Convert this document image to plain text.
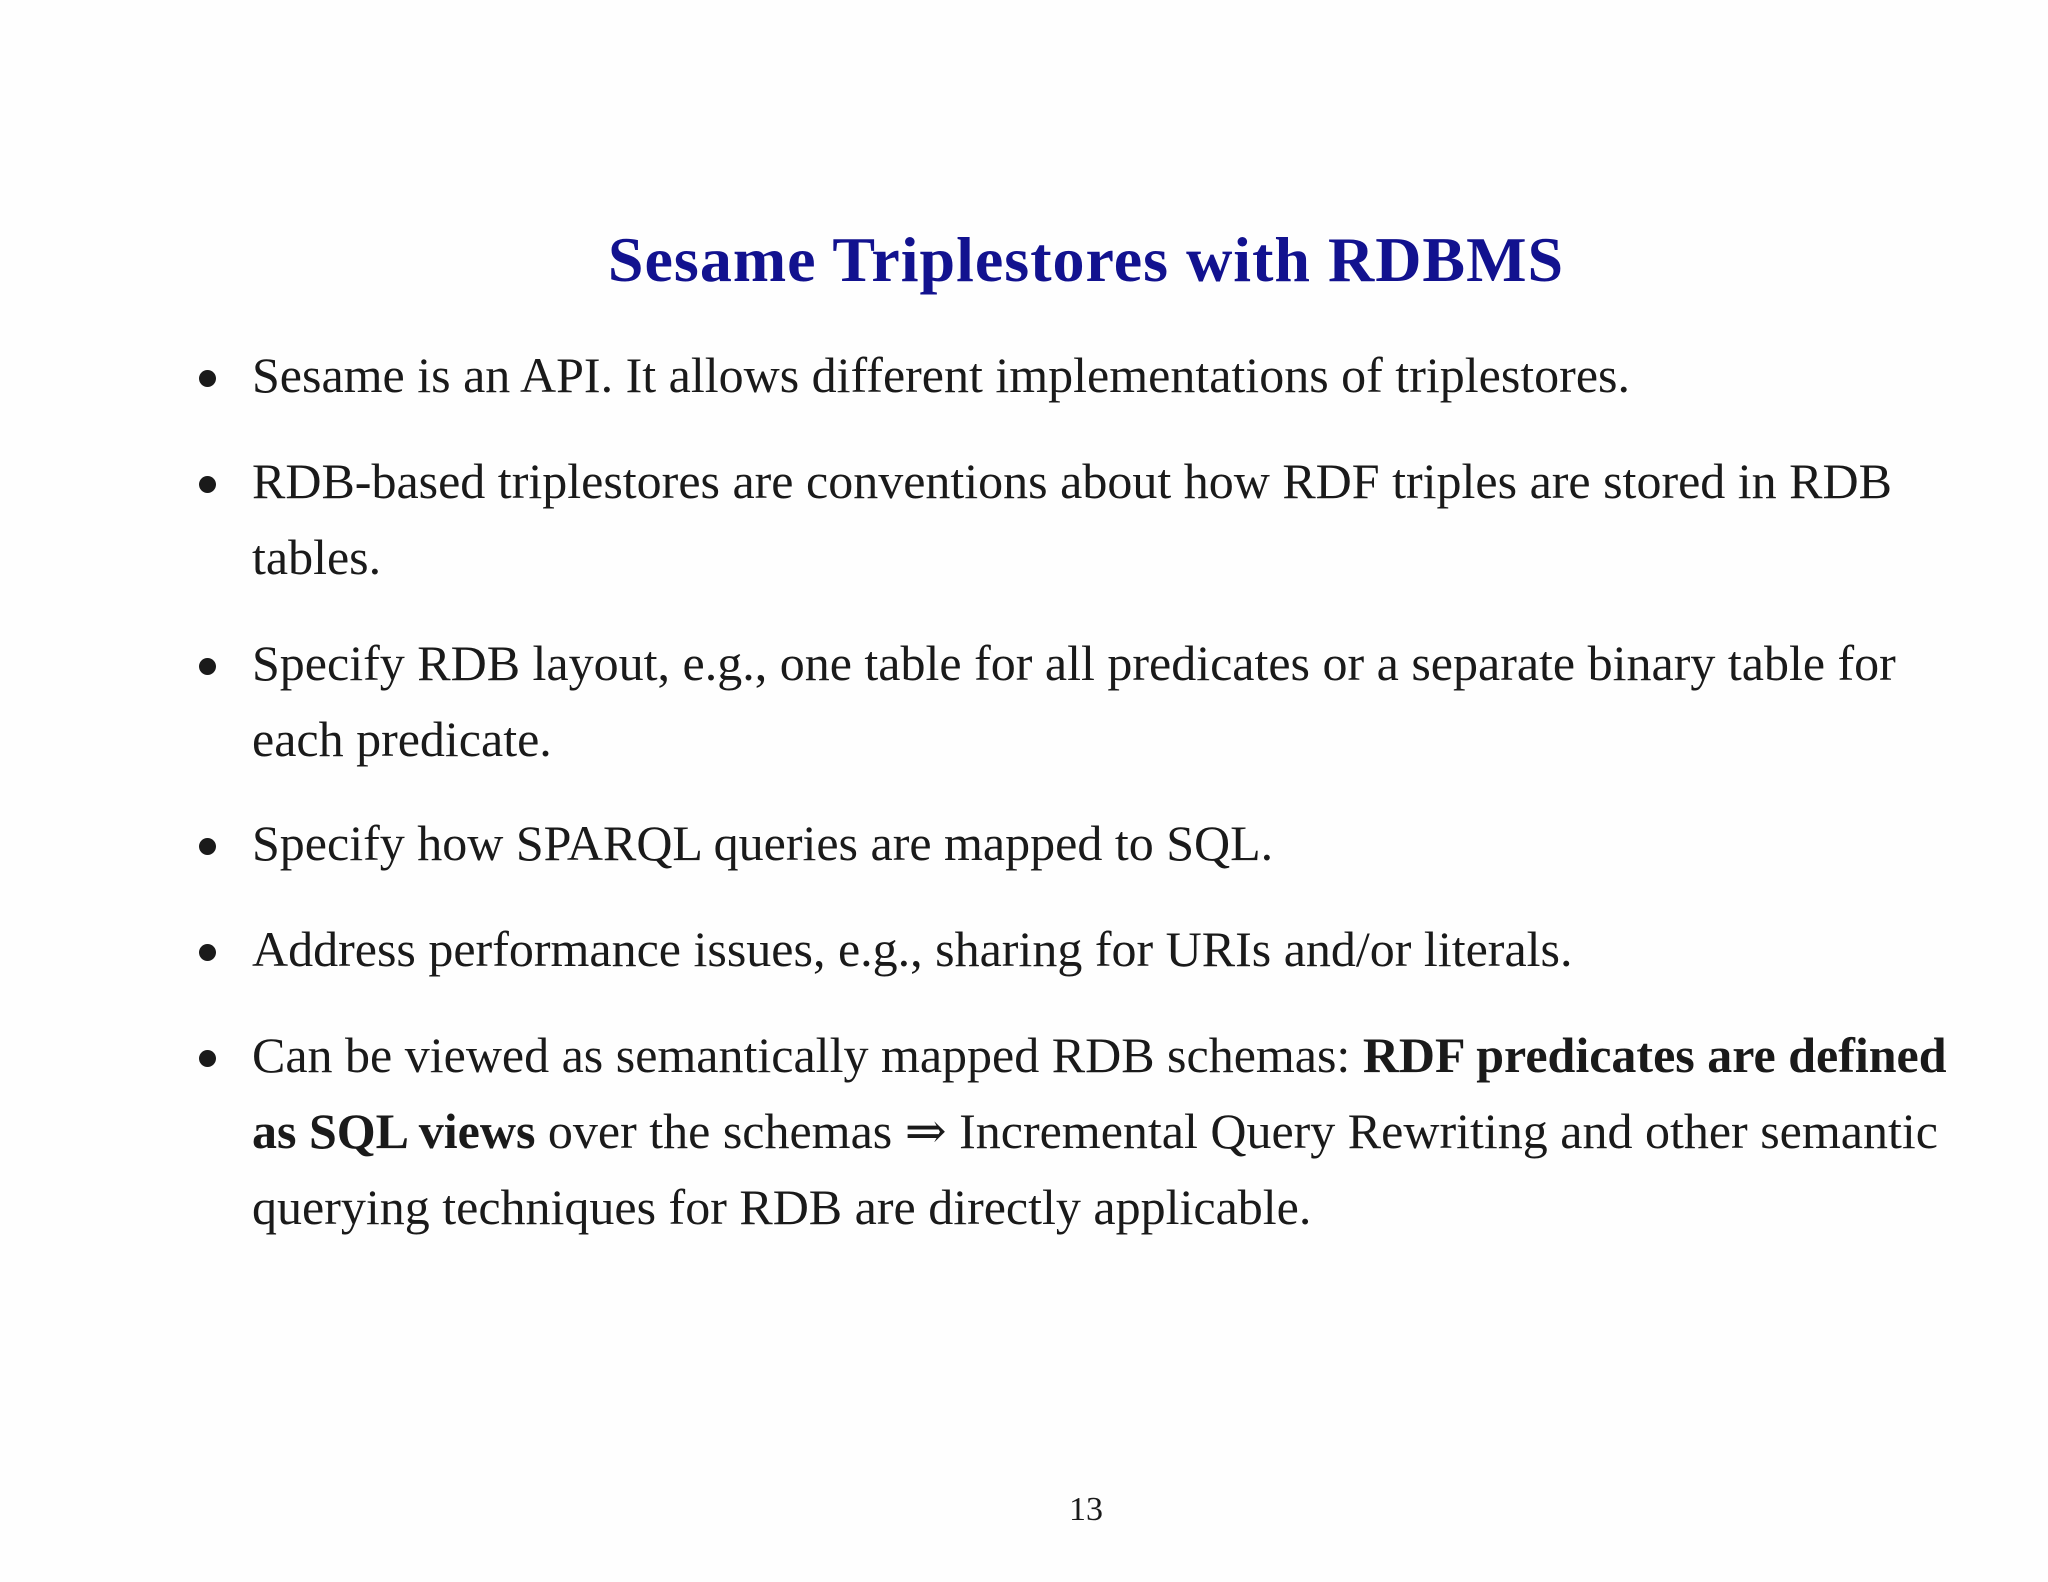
Sesame Triplestores with RDBMS
Sesame is an API. It allows different implementations of triplestores.
RDB-based triplestores are conventions about how RDF triples are stored in RDB tables.
Specify RDB layout, e.g., one table for all predicates or a separate binary table for each predicate.
Specify how SPARQL queries are mapped to SQL.
Address performance issues, e.g., sharing for URIs and/or literals.
Can be viewed as semantically mapped RDB schemas: RDF predicates are defined as SQL views over the schemas ⇒ Incremental Query Rewriting and other semantic querying techniques for RDB are directly applicable.
13
